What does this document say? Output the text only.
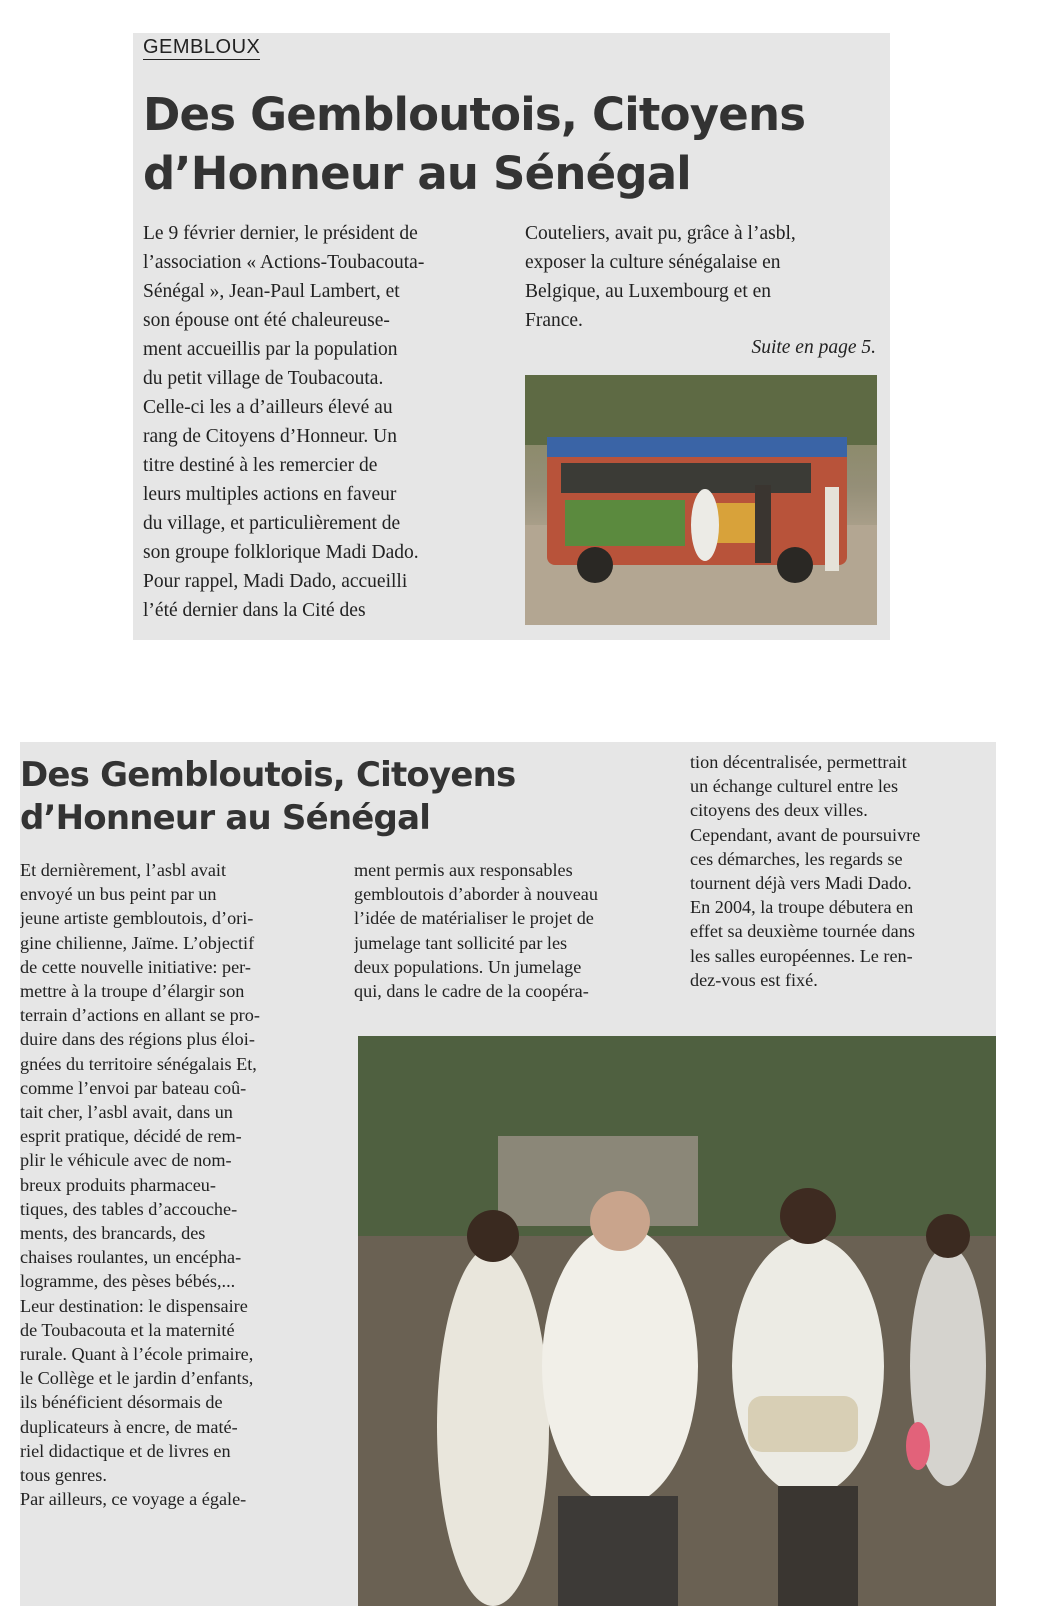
GEMBLOUX
Des Gembloutois, Citoyens
d’Honneur au Sénégal
Le 9 février dernier, le président de
l’association « Actions-Toubacouta-
Sénégal », Jean-Paul Lambert, et
son épouse ont été chaleureuse-
ment accueillis par la population
du petit village de Toubacouta.
Celle-ci les a d’ailleurs élevé au
rang de Citoyens d’Honneur. Un
titre destiné à les remercier de
leurs multiples actions en faveur
du village, et particulièrement de
son groupe folklorique Madi Dado.
Pour rappel, Madi Dado, accueilli
l’été dernier dans la Cité des
Couteliers, avait pu, grâce à l’asbl,
exposer la culture sénégalaise en
Belgique, au Luxembourg et en
France.
Suite en page 5.
Des Gembloutois, Citoyens
d’Honneur au Sénégal
Et dernièrement, l’asbl avait
envoyé un bus peint par un
jeune artiste gembloutois, d’ori-
gine chilienne, Jaïme. L’objectif
de cette nouvelle initiative: per-
mettre à la troupe d’élargir son
terrain d’actions en allant se pro-
duire dans des régions plus éloi-
gnées du territoire sénégalais Et,
comme l’envoi par bateau coû-
tait cher, l’asbl avait, dans un
esprit pratique, décidé de rem-
plir le véhicule avec de nom-
breux produits pharmaceu-
tiques, des tables d’accouche-
ments, des brancards, des
chaises roulantes, un encépha-
logramme, des pèses bébés,...
Leur destination: le dispensaire
de Toubacouta et la maternité
rurale. Quant à l’école primaire,
le Collège et le jardin d’enfants,
ils bénéficient désormais de
duplicateurs à encre, de maté-
riel didactique et de livres en
tous genres.
Par ailleurs, ce voyage a égale-
ment permis aux responsables
gembloutois d’aborder à nouveau
l’idée de matérialiser le projet de
jumelage tant sollicité par les
deux populations. Un jumelage
qui, dans le cadre de la coopéra-
tion décentralisée, permettrait
un échange culturel entre les
citoyens des deux villes.
Cependant, avant de poursuivre
ces démarches, les regards se
tournent déjà vers Madi Dado.
En 2004, la troupe débutera en
effet sa deuxième tournée dans
les salles européennes. Le ren-
dez-vous est fixé.
